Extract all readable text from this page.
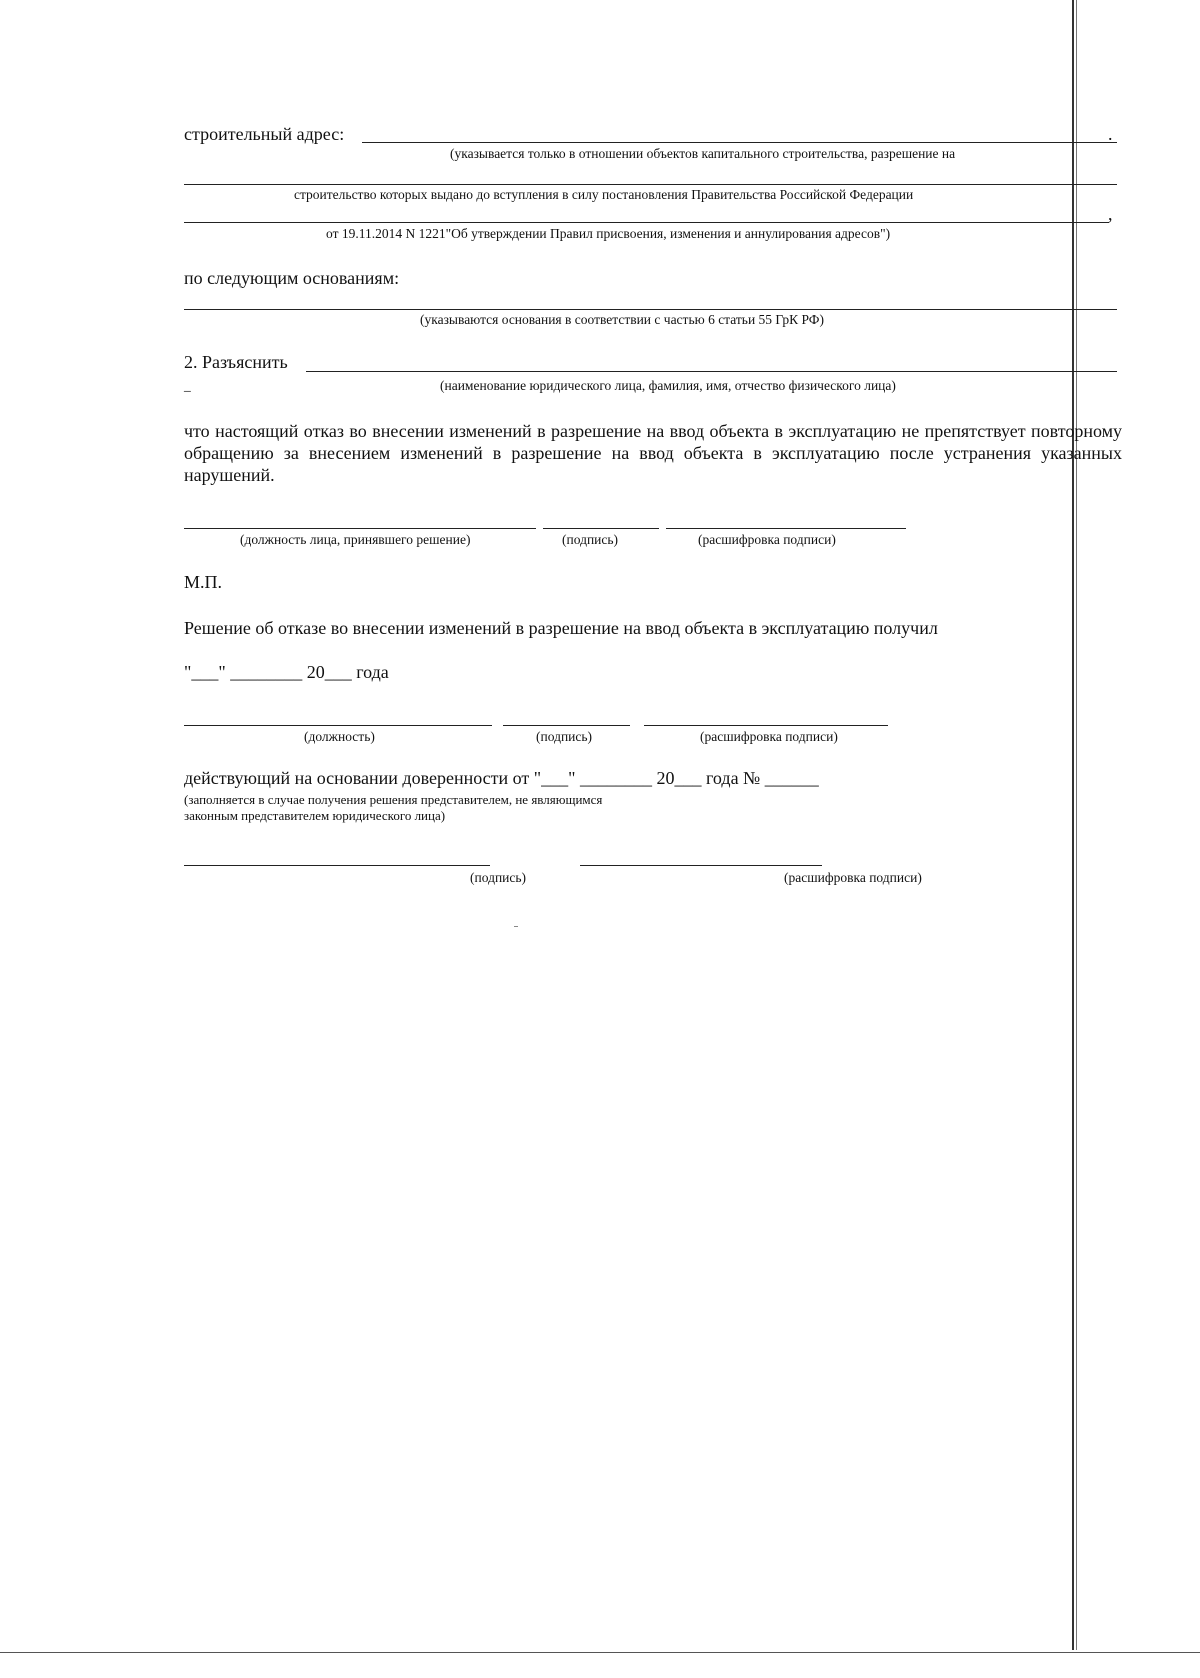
строительный адрес:	.
(указывается только в отношении объектов капитального строительства, разрешение на
строительство которых выдано до вступления в силу постановления Правительства Российской Федерации
,
от 19.11.2014 N 1221"Об утверждении Правил присвоения, изменения и аннулирования адресов")
по следующим основаниям:
(указываются основания в соответствии с частью 6 статьи 55 ГрК РФ)
2. Разъяснить
_	(наименование юридического лица, фамилия, имя, отчество физического лица)
что настоящий отказ во внесении изменений в разрешение на ввод объекта в эксплуатацию не препятствует повторному обращению за внесением изменений в разрешение на ввод объекта в эксплуатацию после устранения указанных нарушений.
(должность лица, принявшего решение)	(подпись)	(расшифровка подписи)
М.П.
Решение об отказе во внесении изменений в разрешение на ввод объекта в эксплуатацию получил
"___" ________ 20___ года
(должность)	(подпись)	(расшифровка подписи)
действующий на основании доверенности от "___" ________ 20___ года № ______
(заполняется в случае получения решения представителем, не являющимся
законным представителем юридического лица)
(подпись)	(расшифровка подписи)
